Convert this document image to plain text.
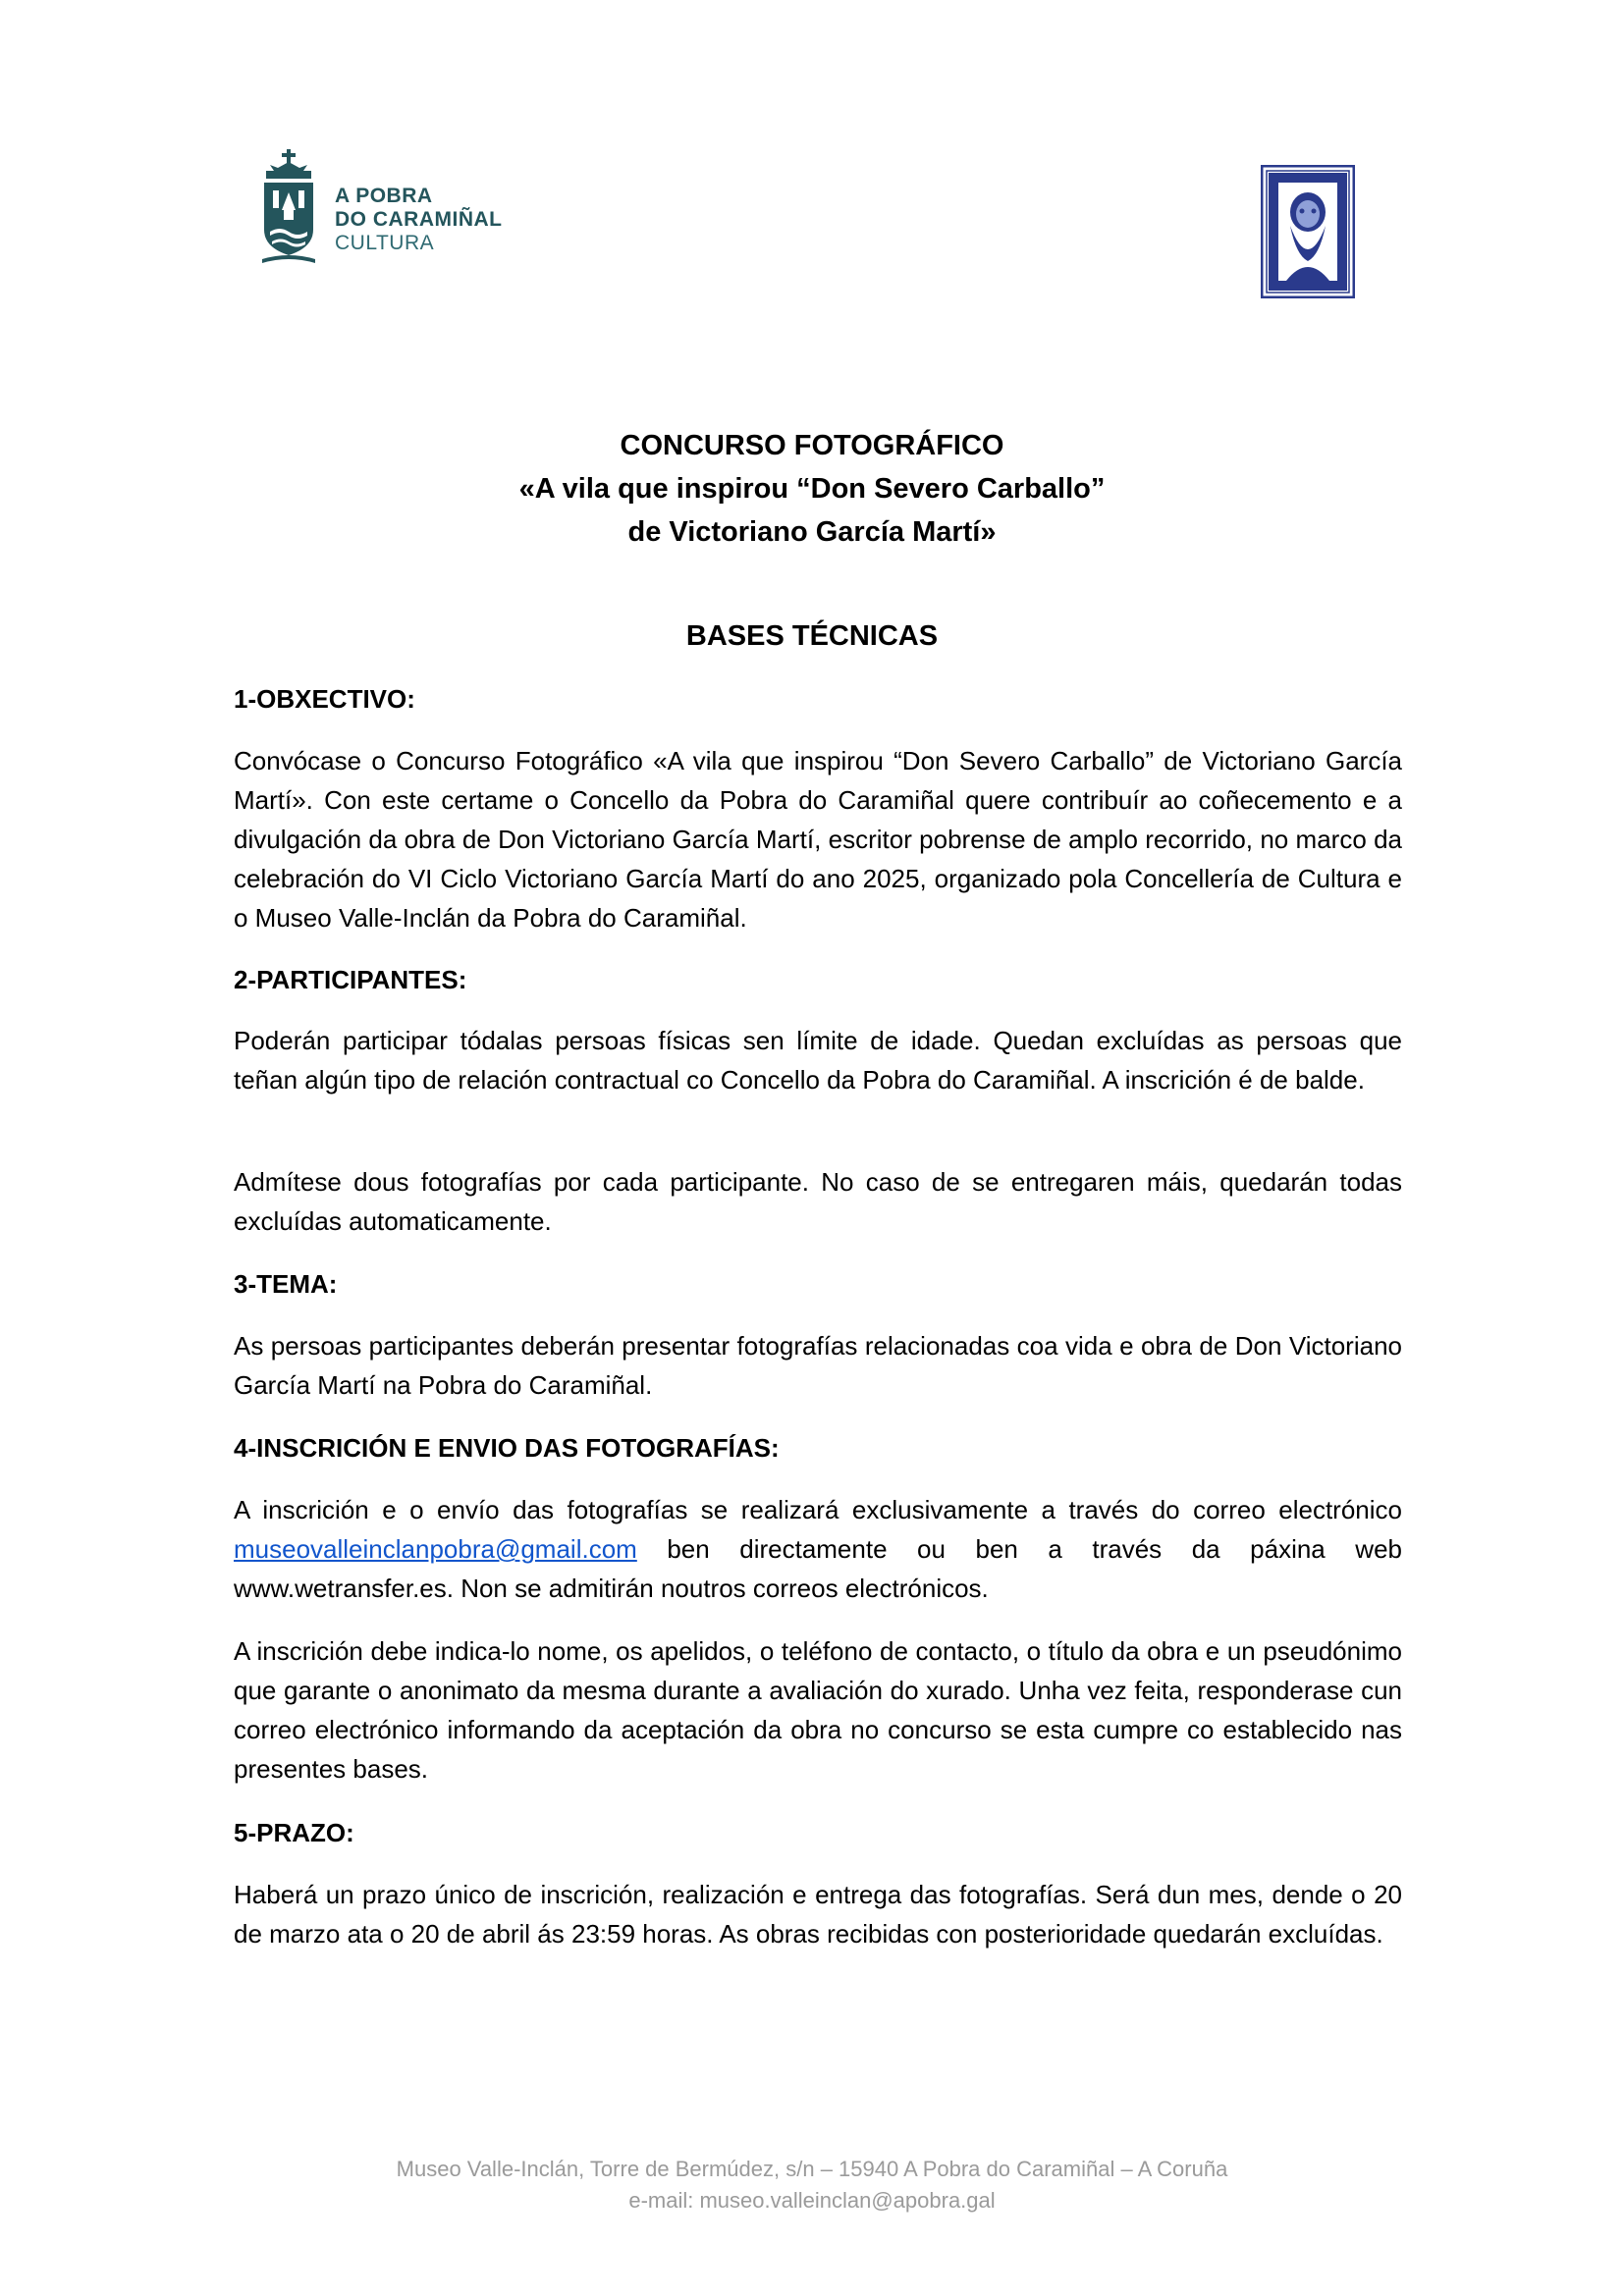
A POBRA
DO CARAMIÑAL
CULTURA
CONCURSO FOTOGRÁFICO
«A vila que inspirou “Don Severo Carballo”
de Victoriano García Martí»
BASES TÉCNICAS
1-OBXECTIVO:
Convócase o Concurso Fotográfico «A vila que inspirou “Don Severo Carballo” de Victoriano García Martí». Con este certame o Concello da Pobra do Caramiñal quere contribuír ao coñecemento e a divulgación da obra de Don Victoriano García Martí, escritor pobrense de amplo recorrido, no marco da celebración do VI Ciclo Victoriano García Martí do ano 2025, organizado pola Concellería de Cultura e o Museo Valle-Inclán da Pobra do Caramiñal.
2-PARTICIPANTES:
Poderán participar tódalas persoas físicas sen límite de idade. Quedan excluídas as persoas que teñan algún tipo de relación contractual co Concello da Pobra do Caramiñal. A inscrición é de balde.
Admítese dous fotografías por cada participante. No caso de se entregaren máis, quedarán todas excluídas automaticamente.
3-TEMA:
As persoas participantes deberán presentar fotografías relacionadas coa vida e obra de Don Victoriano García Martí na Pobra do Caramiñal.
4-INSCRICIÓN E ENVIO DAS FOTOGRAFÍAS:
A inscrición e o envío das fotografías se realizará exclusivamente a través do correo electrónico museovalleinclanpobra@gmail.com ben directamente ou ben a través da páxina web www.wetransfer.es. Non se admitirán noutros correos electrónicos.
A inscrición debe indica-lo nome, os apelidos, o teléfono de contacto, o título da obra e un pseudónimo que garante o anonimato da mesma durante a avaliación do xurado. Unha vez feita, responderase cun correo electrónico informando da aceptación da obra no concurso se esta cumpre co establecido nas presentes bases.
5-PRAZO:
Haberá un prazo único de inscrición, realización e entrega das fotografías. Será dun mes, dende o 20 de marzo ata o 20 de abril ás 23:59 horas. As obras recibidas con posterioridade quedarán excluídas.
Museo Valle-Inclán, Torre de Bermúdez, s/n – 15940 A Pobra do Caramiñal – A Coruña
e-mail: museo.valleinclan@apobra.gal
